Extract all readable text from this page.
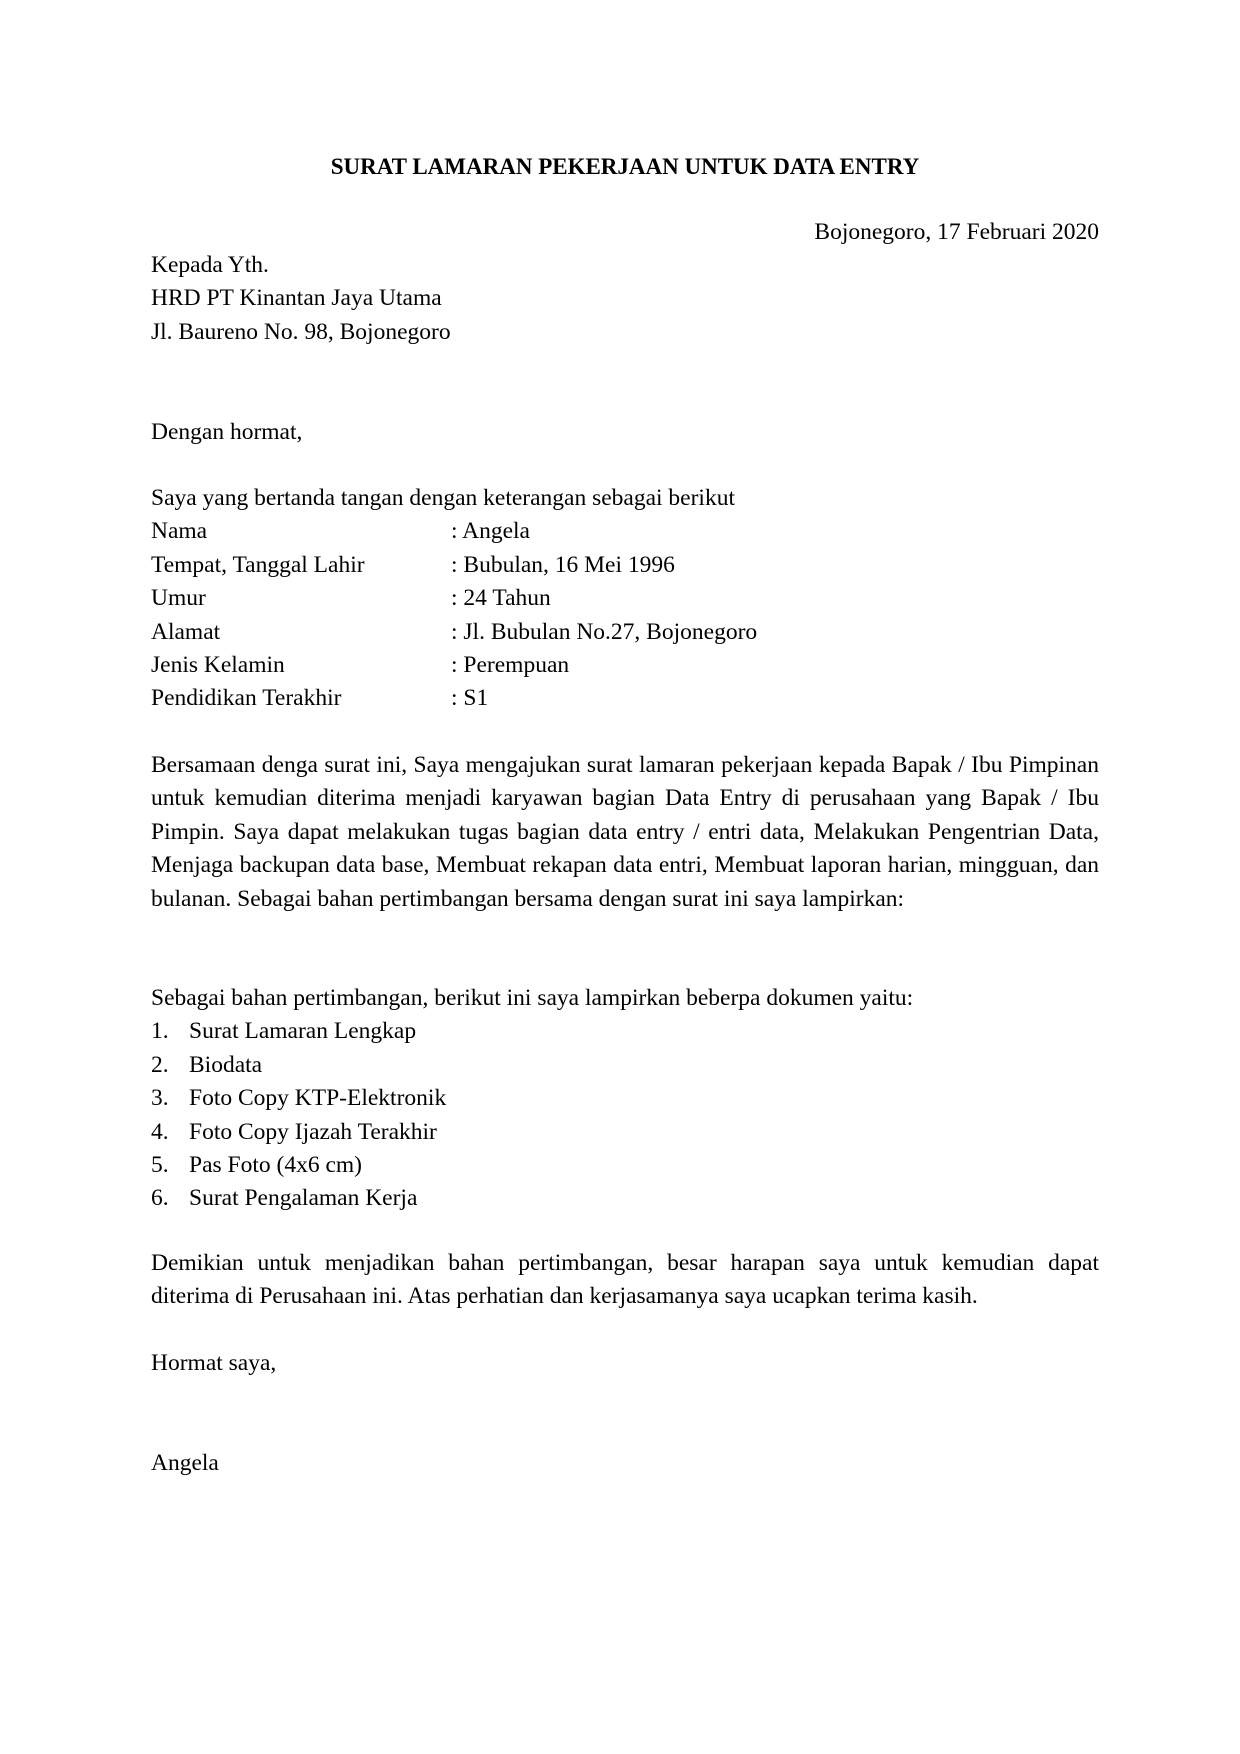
SURAT LAMARAN PEKERJAAN UNTUK DATA ENTRY
Bojonegoro, 17 Februari 2020
Kepada Yth.
HRD PT Kinantan Jaya Utama
Jl. Baureno No. 98, Bojonegoro
Dengan hormat,
Saya yang bertanda tangan dengan keterangan sebagai berikut
Nama	: Angela
Tempat, Tanggal Lahir	: Bubulan, 16 Mei 1996
Umur	: 24 Tahun
Alamat	: Jl. Bubulan No.27, Bojonegoro
Jenis Kelamin	: Perempuan
Pendidikan Terakhir	: S1
Bersamaan denga surat ini, Saya mengajukan surat lamaran pekerjaan kepada Bapak / Ibu Pimpinan untuk kemudian diterima menjadi karyawan bagian Data Entry di perusahaan yang Bapak / Ibu Pimpin. Saya dapat melakukan tugas bagian data entry / entri data, Melakukan Pengentrian Data, Menjaga backupan data base, Membuat rekapan data entri, Membuat laporan harian, mingguan, dan bulanan. Sebagai bahan pertimbangan bersama dengan surat ini saya lampirkan:
Sebagai bahan pertimbangan, berikut ini saya lampirkan beberpa dokumen yaitu:
1. Surat Lamaran Lengkap
2. Biodata
3. Foto Copy KTP-Elektronik
4. Foto Copy Ijazah Terakhir
5. Pas Foto (4x6 cm)
6. Surat Pengalaman Kerja
Demikian untuk menjadikan bahan pertimbangan, besar harapan saya untuk kemudian dapat diterima di Perusahaan ini. Atas perhatian dan kerjasamanya saya ucapkan terima kasih.
Hormat saya,
Angela
